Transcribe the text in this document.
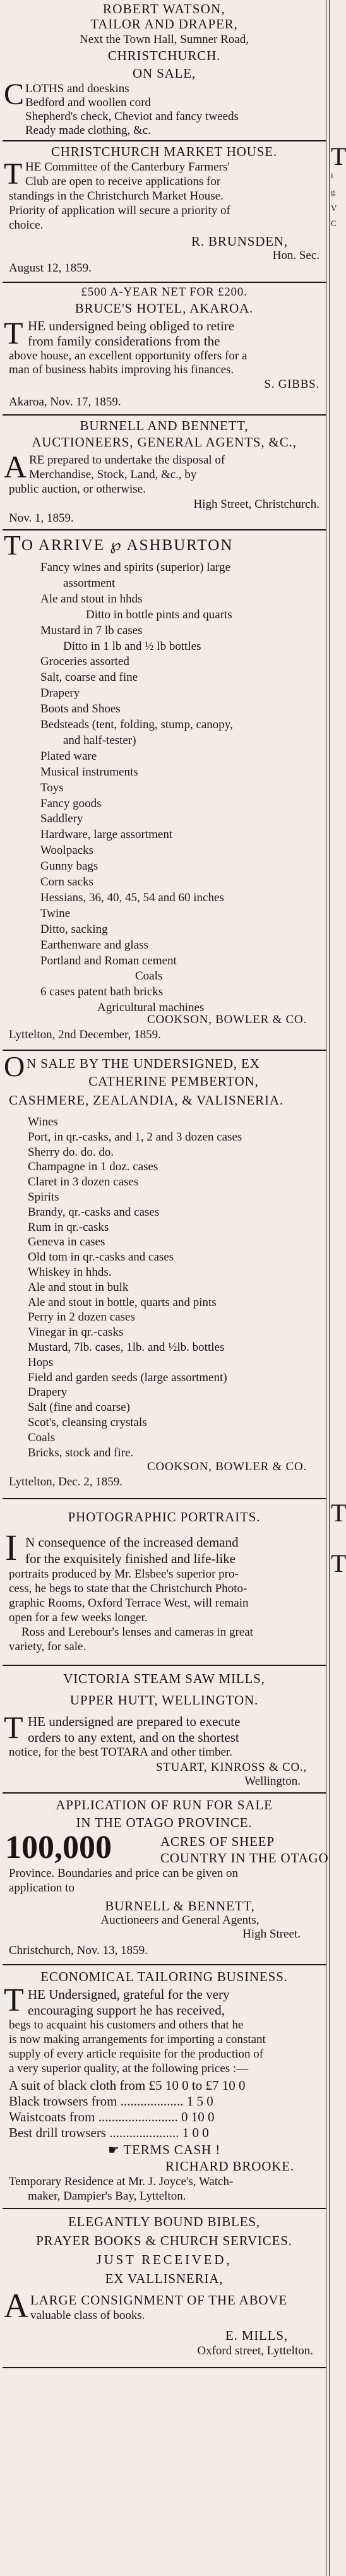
ROBERT WATSON,
TAILOR AND DRAPER,
Next the Town Hall, Sumner Road,
CHRISTCHURCH.
ON SALE,
C LOTHS and doeskins
Bedford and woollen cord
Shepherd's check, Cheviot and fancy tweeds
Ready made clothing, &c.
CHRISTCHURCH MARKET HOUSE.
T HE Committee of the Canterbury Farmers'
Club are open to receive applications for
standings in the Christchurch Market House.
Priority of application will secure a priority of
choice.
R. BRUNSDEN,
Hon. Sec.
August 12, 1859.
£500 A-YEAR NET FOR £200.
BRUCE'S HOTEL, AKAROA.
T HE undersigned being obliged to retire
from family considerations from the
above house, an excellent opportunity offers for a
man of business habits improving his finances.
S. GIBBS.
Akaroa, Nov. 17, 1859.
BURNELL AND BENNETT,
AUCTIONEERS, GENERAL AGENTS, &C.,
A RE prepared to undertake the disposal of
Merchandise, Stock, Land, &c., by
public auction, or otherwise.
High Street, Christchurch.
Nov. 1, 1859.
T O ARRIVE ℘ ASHBURTON
Fancy wines and spirits (superior) large
assortment
Ale and stout in hhds
Ditto in bottle pints and quarts
Mustard in 7 lb cases
Ditto in 1 lb and ½ lb bottles
Groceries assorted
Salt, coarse and fine
Drapery
Boots and Shoes
Bedsteads (tent, folding, stump, canopy,
and half-tester)
Plated ware
Musical instruments
Toys
Fancy goods
Saddlery
Hardware, large assortment
Woolpacks
Gunny bags
Corn sacks
Hessians, 36, 40, 45, 54 and 60 inches
Twine
Ditto, sacking
Earthenware and glass
Portland and Roman cement
Coals
6 cases patent bath bricks
Agricultural machines
COOKSON, BOWLER & CO.
Lyttelton, 2nd December, 1859.
O N SALE BY THE UNDERSIGNED, EX
CATHERINE PEMBERTON,
CASHMERE, ZEALANDIA, & VALISNERIA.
Wines
Port, in qr.-casks, and 1, 2 and 3 dozen cases
Sherry do. do. do.
Champagne in 1 doz. cases
Claret in 3 dozen cases
Spirits
Brandy, qr.-casks and cases
Rum in qr.-casks
Geneva in cases
Old tom in qr.-casks and cases
Whiskey in hhds.
Ale and stout in bulk
Ale and stout in bottle, quarts and pints
Perry in 2 dozen cases
Vinegar in qr.-casks
Mustard, 7lb. cases, 1lb. and ½lb. bottles
Hops
Field and garden seeds (large assortment)
Drapery
Salt (fine and coarse)
Scot's, cleansing crystals
Coals
Bricks, stock and fire.
COOKSON, BOWLER & CO.
Lyttelton, Dec. 2, 1859.
PHOTOGRAPHIC PORTRAITS.
I N consequence of the increased demand
for the exquisitely finished and life-like
portraits produced by Mr. Elsbee's superior pro-
cess, he begs to state that the Christchurch Photo-
graphic Rooms, Oxford Terrace West, will remain
open for a few weeks longer.
Ross and Lerebour's lenses and cameras in great
variety, for sale.
VICTORIA STEAM SAW MILLS,
UPPER HUTT, WELLINGTON.
T HE undersigned are prepared to execute
orders to any extent, and on the shortest
notice, for the best TOTARA and other timber.
STUART, KINROSS & CO.,
Wellington.
APPLICATION OF RUN FOR SALE
IN THE OTAGO PROVINCE.
100,000	ACRES OF SHEEP
COUNTRY IN THE OTAGO
Province. Boundaries and price can be given on
application to
BURNELL & BENNETT,
Auctioneers and General Agents,
High Street.
Christchurch, Nov. 13, 1859.
ECONOMICAL TAILORING BUSINESS.
T HE Undersigned, grateful for the very
encouraging support he has received,
begs to acquaint his customers and others that he
is now making arrangements for importing a constant
supply of every article requisite for the production of
a very superior quality, at the following prices :—
A suit of black cloth from £5 10 0 to £7 10 0
Black trowsers from ................... 1 5 0
Waistcoats from ........................ 0 10 0
Best drill trowsers ..................... 1 0 0
☛ TERMS CASH !
RICHARD BROOKE.
Temporary Residence at Mr. J. Joyce's, Watch-
maker, Dampier's Bay, Lyttelton.
ELEGANTLY BOUND BIBLES,
PRAYER BOOKS & CHURCH SERVICES.
JUST RECEIVED,
EX VALLISNERIA,
A LARGE CONSIGNMENT OF THE ABOVE
valuable class of books.
E. MILLS,
Oxford street, Lyttelton.
T
i
g
V
C
T
T
